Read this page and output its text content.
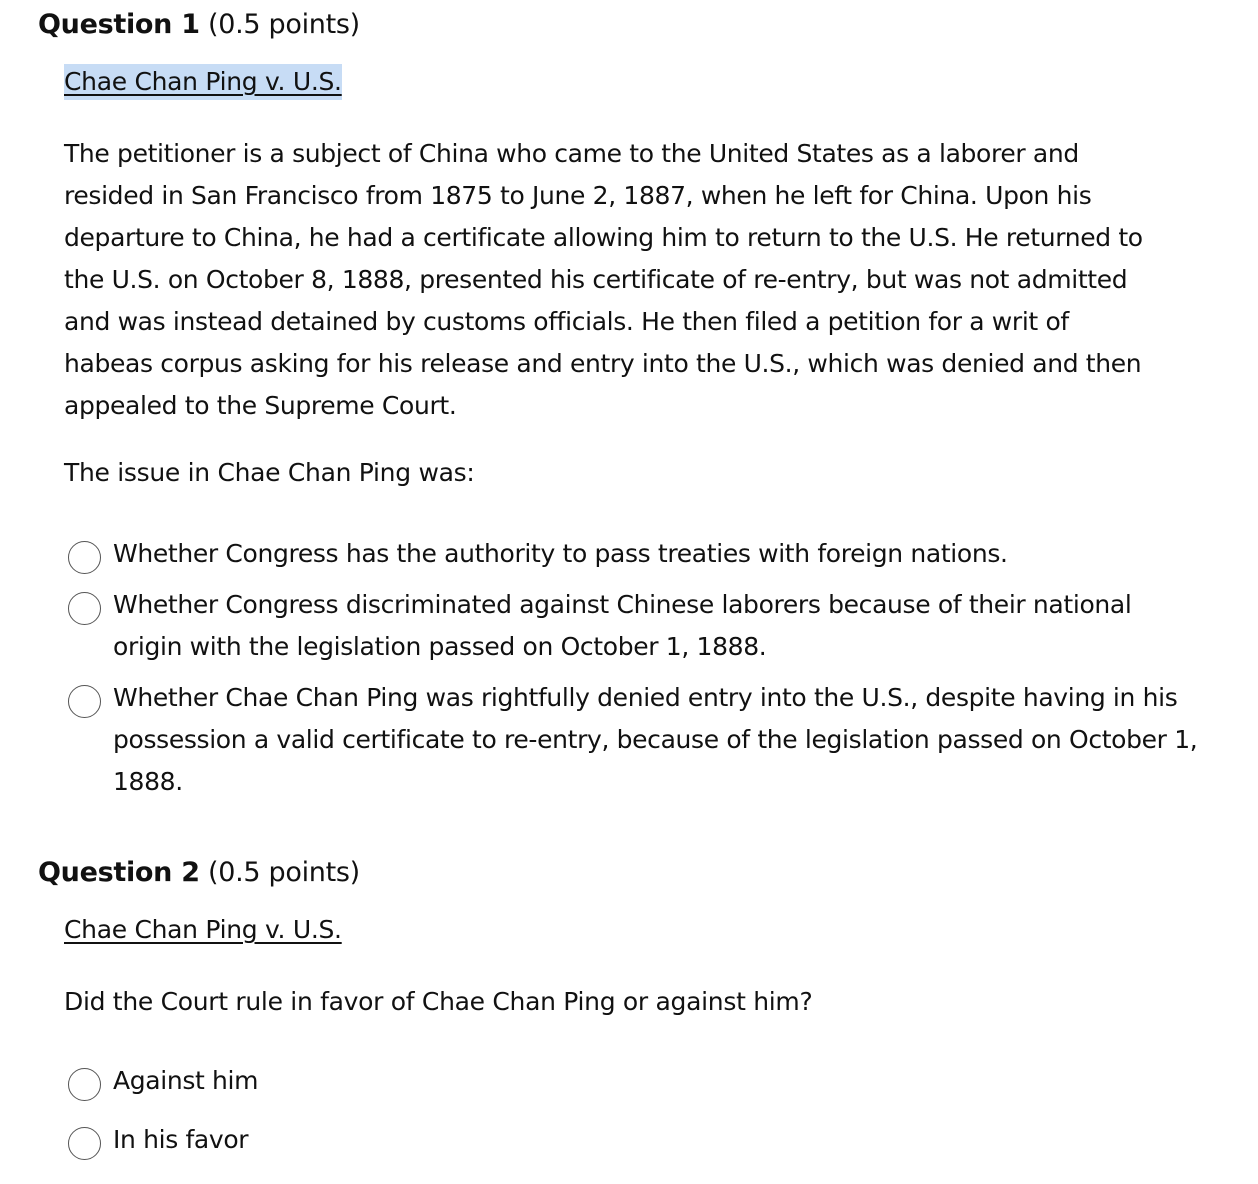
Question 1 (0.5 points)
Chae Chan Ping v. U.S.

The petitioner is a subject of China who came to the United States as a laborer and resided in San Francisco from 1875 to June 2, 1887, when he left for China. Upon his departure to China, he had a certificate allowing him to return to the U.S. He returned to the U.S. on October 8, 1888, presented his certificate of re-entry, but was not admitted and was instead detained by customs officials. He then filed a petition for a writ of habeas corpus asking for his release and entry into the U.S., which was denied and then appealed to the Supreme Court.

The issue in Chae Chan Ping was:

Whether Congress has the authority to pass treaties with foreign nations.
Whether Congress discriminated against Chinese laborers because of their national origin with the legislation passed on October 1, 1888.
Whether Chae Chan Ping was rightfully denied entry into the U.S., despite having in his possession a valid certificate to re-entry, because of the legislation passed on October 1, 1888.
Question 2 (0.5 points)
Chae Chan Ping v. U.S.

Did the Court rule in favor of Chae Chan Ping or against him?

Against him
In his favor
